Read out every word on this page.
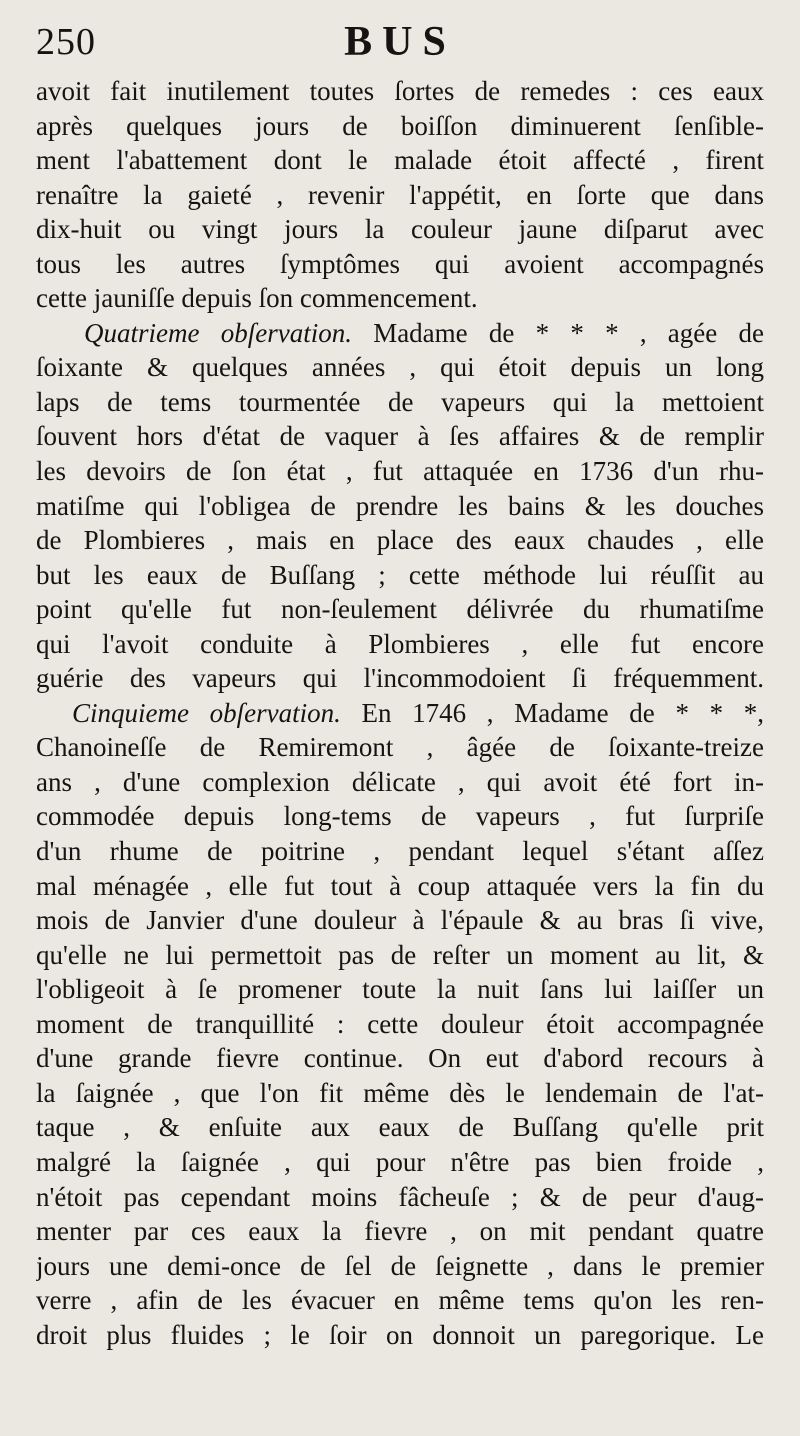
250	BUS
avoit fait inutilement toutes ſortes de remedes : ces eaux
après quelques jours de boiſſon diminuerent ſenſible-
ment l'abattement dont le malade étoit affecté , firent
renaître la gaieté , revenir l'appétit, en ſorte que dans
dix-huit ou vingt jours la couleur jaune diſparut avec
tous les autres ſymptômes qui avoient accompagnés
cette jauniſſe depuis ſon commencement.
Quatrieme obſervation. Madame de * * * , agée de
ſoixante & quelques années , qui étoit depuis un long
laps de tems tourmentée de vapeurs qui la mettoient
ſouvent hors d'état de vaquer à ſes affaires & de remplir
les devoirs de ſon état , fut attaquée en 1736 d'un rhu-
matiſme qui l'obligea de prendre les bains & les douches
de Plombieres , mais en place des eaux chaudes , elle
but les eaux de Buſſang ; cette méthode lui réuſſit au
point qu'elle fut non-ſeulement délivrée du rhumatiſme
qui l'avoit conduite à Plombieres , elle fut encore
guérie des vapeurs qui l'incommodoient ſi fréquemment.
Cinquieme obſervation. En 1746 , Madame de * * *,
Chanoineſſe de Remiremont , âgée de ſoixante-treize
ans , d'une complexion délicate , qui avoit été fort in-
commodée depuis long-tems de vapeurs , fut ſurpriſe
d'un rhume de poitrine , pendant lequel s'étant aſſez
mal ménagée , elle fut tout à coup attaquée vers la fin du
mois de Janvier d'une douleur à l'épaule & au bras ſi vive,
qu'elle ne lui permettoit pas de reſter un moment au lit, &
l'obligeoit à ſe promener toute la nuit ſans lui laiſſer un
moment de tranquillité : cette douleur étoit accompagnée
d'une grande fievre continue. On eut d'abord recours à
la ſaignée , que l'on fit même dès le lendemain de l'at-
taque , & enſuite aux eaux de Buſſang qu'elle prit
malgré la ſaignée , qui pour n'être pas bien froide ,
n'étoit pas cependant moins fâcheuſe ; & de peur d'aug-
menter par ces eaux la fievre , on mit pendant quatre
jours une demi-once de ſel de ſeignette , dans le premier
verre , afin de les évacuer en même tems qu'on les ren-
droit plus fluides ; le ſoir on donnoit un paregorique. Le
